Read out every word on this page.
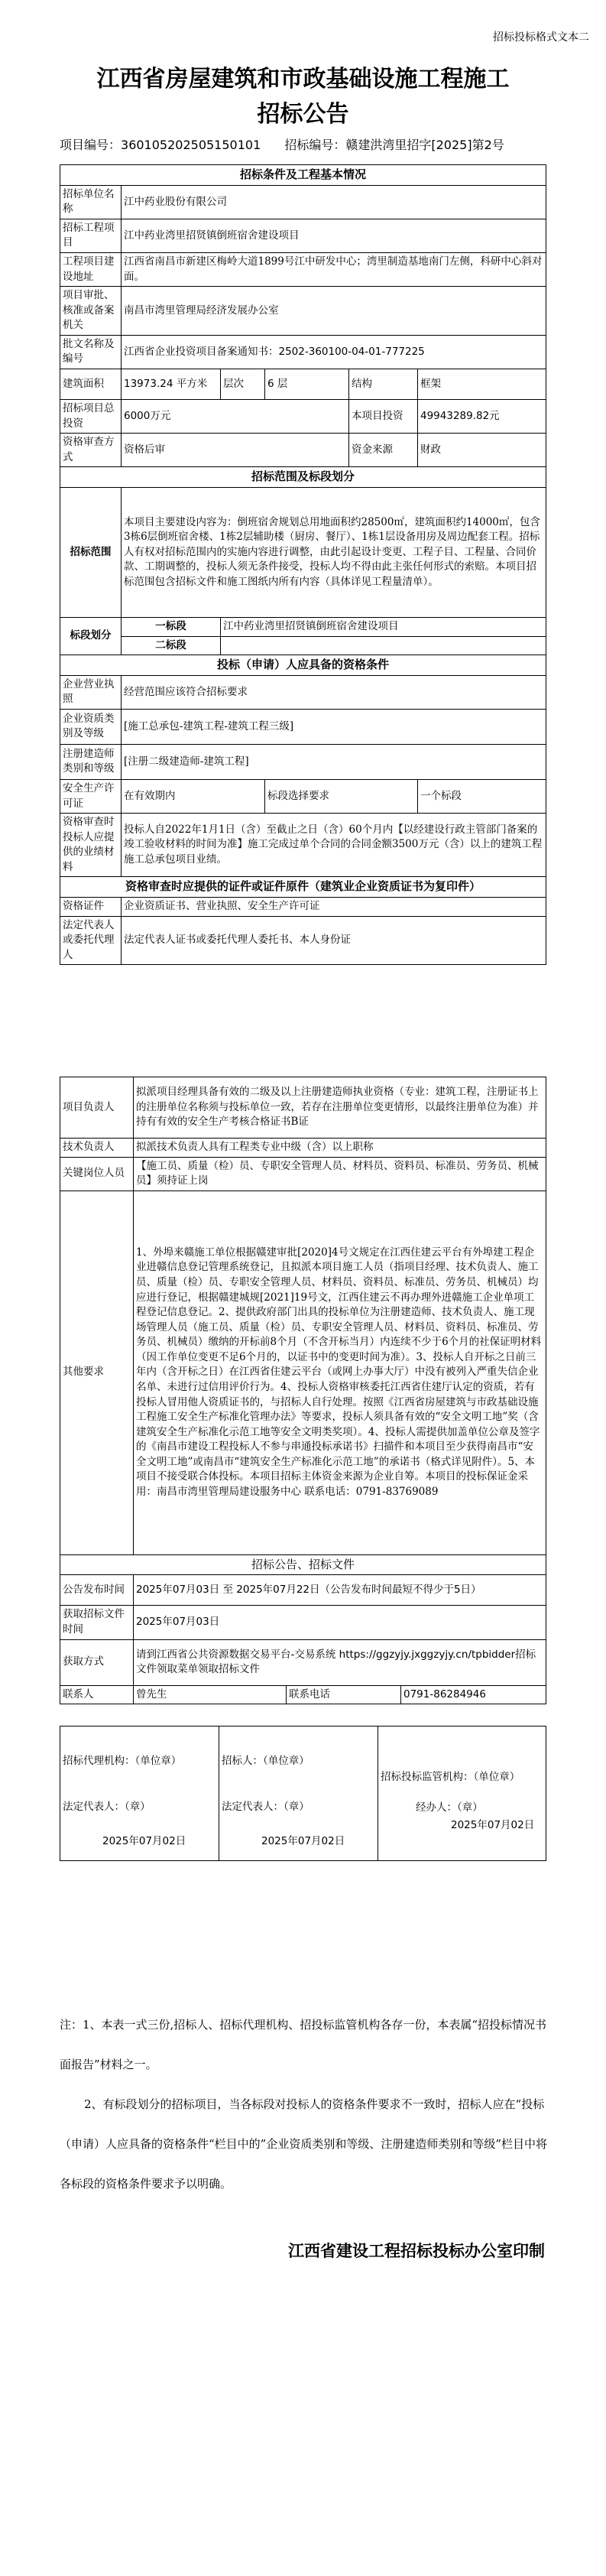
招标投标格式文本二
江西省房屋建筑和市政基础设施工程施工
招标公告
项目编号：360105202505150101 招标编号：赣建洪湾里招字[2025]第2号
招标条件及工程基本情况					
招标单位名称	江中药业股份有限公司				
招标工程项目	江中药业湾里招贤镇倒班宿舍建设项目				
工程项目建设地址	江西省南昌市新建区梅岭大道1899号江中研发中心；湾里制造基地南门左侧，科研中心斜对面。				
项目审批、核准或备案机关	南昌市湾里管理局经济发展办公室				
批文名称及编号	江西省企业投资项目备案通知书：2502-360100-04-01-777225				
建筑面积	13973.24 平方米	层次	6 层	结构	框架
招标项目总投资	6000万元			本项目投资	49943289.82元
资格审查方式	资格后审			资金来源	财政
招标范围及标段划分					
招标范围	本项目主要建设内容为：倒班宿舍规划总用地面积约28500㎡，建筑面积约14000㎡，包含3栋6层倒班宿舍楼、1栋2层辅助楼（厨房、餐厅）、1栋1层设备用房及周边配套工程。招标人有权对招标范围内的实施内容进行调整，由此引起设计变更、工程子目、工程量、合同价款、工期调整的，投标人须无条件接受，投标人均不得由此主张任何形式的索赔。本项目招标范围包含招标文件和施工图纸内所有内容（具体详见工程量清单）。				
标段划分	一标段	江中药业湾里招贤镇倒班宿舍建设项目			
	二标段				
投标（申请）人应具备的资格条件					
企业营业执照	经营范围应该符合招标要求				
企业资质类别及等级	[施工总承包-建筑工程-建筑工程三级]				
注册建造师类别和等级	[注册二级建造师-建筑工程]				
安全生产许可证	在有效期内		标段选择要求		一个标段
资格审查时投标人应提供的业绩材料	投标人自2022年1月1日（含）至截止之日（含）60个月内【以经建设行政主管部门备案的竣工验收材料的时间为准】施工完成过单个合同的合同金额3500万元（含）以上的建筑工程施工总承包项目业绩。				
资格审查时应提供的证件或证件原件（建筑业企业资质证书为复印件）					
资格证件	企业资质证书、营业执照、安全生产许可证				
法定代表人或委托代理人	法定代表人证书或委托代理人委托书、本人身份证				
项目负责人	拟派项目经理具备有效的二级及以上注册建造师执业资格（专业：建筑工程，注册证书上的注册单位名称须与投标单位一致，若存在注册单位变更情形，以最终注册单位为准）并持有有效的安全生产考核合格证书B证		
技术负责人	拟派技术负责人具有工程类专业中级（含）以上职称		
关键岗位人员	【施工员、质量（检）员、专职安全管理人员、材料员、资料员、标准员、劳务员、机械员】须持证上岗		
其他要求	1、外埠来赣施工单位根据赣建审批[2020]4号文规定在江西住建云平台有外埠建工程企业进赣信息登记管理系统登记，且拟派本项目施工人员（指项目经理、技术负责人、施工员、质量（检）员、专职安全管理人员、材料员、资料员、标准员、劳务员、机械员）均应进行登记，根据赣建城规[2021]19号文，江西住建云不再办理外进赣施工企业单项工程登记信息登记。2、提供政府部门出具的投标单位为注册建造师、技术负责人、施工现场管理人员（施工员、质量（检）员、专职安全管理人员、材料员、资料员、标准员、劳务员、机械员）缴纳的开标前8个月（不含开标当月）内连续不少于6个月的社保证明材料（因工作单位变更不足6个月的，以证书中的变更时间为准）。3、投标人自开标之日前三年内（含开标之日）在江西省住建云平台（或网上办事大厅）中没有被列入严重失信企业名单、未进行过信用评价行为。4、投标人资格审核委托江西省住建厅认定的资质，若有投标人冒用他人资质证书的，与招标人自行处理。按照《江西省房屋建筑与市政基础设施工程施工安全生产标准化管理办法》等要求，投标人须具备有效的“安全文明工地”奖（含建筑安全生产标准化示范工地等安全文明类奖项）。4、投标人需提供加盖单位公章及签字的《南昌市建设工程投标人不参与串通投标承诺书》扫描件和本项目至少获得南昌市“安全文明工地”或南昌市“建筑安全生产标准化示范工地”的承诺书（格式详见附件）。5、本项目不接受联合体投标。本项目招标主体资金来源为企业自筹。本项目的投标保证金采用：南昌市湾里管理局建设服务中心 联系电话：0791-83769089		
招标公告、招标文件			
公告发布时间	2025年07月03日 至 2025年07月22日（公告发布时间最短不得少于5日）		
获取招标文件时间	2025年07月03日		
获取方式	请到江西省公共资源数据交易平台-交易系统 https://ggzyjy.jxggzyjy.cn/tpbidder招标文件领取菜单领取招标文件		
联系人	曾先生	联系电话	0791-86284946
招标代理机构：（单位章）
法定代表人：（章）
2025年07月02日

招标人：（单位章）
法定代表人：（章）
2025年07月02日

招标投标监管机构：（单位章）
经办人：（章）
2025年07月02日
注：1、本表一式三份,招标人、招标代理机构、招投标监管机构各存一份，本表属“招投标情况书面报告”材料之一。
2、有标段划分的招标项目，当各标段对投标人的资格条件要求不一致时，招标人应在“投标（申请）人应具备的资格条件“栏目中的”企业资质类别和等级、注册建造师类别和等级”栏目中将各标段的资格条件要求予以明确。
江西省建设工程招标投标办公室印制
